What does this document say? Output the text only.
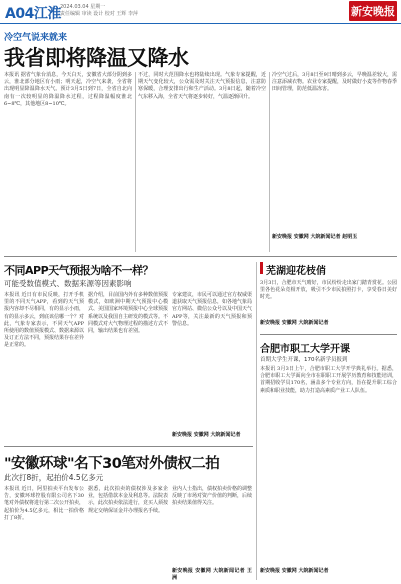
A04江淮 2024.03.04 星期一
责任编辑 审读 设计 校对 王辉 李萍	新安晚报
冷空气说来就来
我省即将降温又降水
本报讯 据省气象台消息，今天白天，安徽省大部分阴到多云，淮北部分地区有小雨；明天起，冷空气来袭，全省将出现明显降温降水天气。预计3月5日到7日，全省自北向南有一次较明显的降温降水过程，过程降温幅度淮北6~8℃，其他地区8~10℃。
不过，同时大范围降水也将陆续出现。气象专家提醒，近期天气变化较大，公众需及时关注天气预报信息，注意防寒保暖，合理安排出行和生产活动。3月8日起，随着冷空气东移入海，全省天气将逐步转好，气温逐渐回升。
冷空气过后，3月8日至9日晴到多云，早晚温差较大，需注意添减衣物。农业专家提醒，及时做好小麦等作物春季田间管理，防范低温冻害。
新安晚报 安徽网 大皖新闻记者 赵明玉
不同APP天气预报为啥不一样？
可能受数值模式、数据来源等因素影响
本报讯 近日有市民反映，打开手机里的不同天气APP，看到的天气预报内容却不尽相同，有的显示小雨，有的显示多云，到底该信哪一个？对此，气象专家表示，不同天气APP所使用的数值预报模式、数据来源以及订正方法不同，预报结果存在差异是正常的。
据介绍，目前国内外有多种数值预报模式，如欧洲中期天气预报中心模式、美国国家环境预报中心全球预报系统以及我国自主研发的模式等。不同模式对大气物理过程的描述方式不同，输出结果也有差别。
专家建议，市民可以通过官方权威渠道获取天气预报信息，如各地气象局官方网站、微信公众号以及中国天气APP等，关注最新的天气预报和预警信息。
新安晚报 安徽网 大皖新闻记者
芜湖迎花枝俏
3月3日，合肥市天气晴好，市民纷纷走出家门踏青赏花。公园里各色花朵竞相开放，吸引不少市民拍照打卡，享受春日美好时光。
新安晚报 安徽网 大皖新闻记者
合肥市职工大学开课
首期大学生开课，170名新学员报到
本报讯 3月3日上午，合肥市职工大学开学典礼举行。据悉，合肥市职工大学面向全市在职职工开展学历教育和技能培训，首期招收学员170名，涵盖多个专业方向，旨在提升职工综合素质和职业技能，助力打造高素质产业工人队伍。
新安晚报 安徽网 大皖新闻记者
"安徽环球"名下30笔对外债权二拍
此次打8折，起拍价4.5亿多元
本报讯 近日，阿里拍卖平台发布公告，安徽环球控股有限公司名下30笔对外债权将进行第二次公开拍卖，起拍价为4.5亿多元，相比一拍价格打了8折。
据悉，此次拍卖的债权涉及多家企业，包括借款本金及利息等。法院表示，此次拍卖依法进行，竞买人须按规定交纳保证金并办理报名手续。
业内人士指出，债权拍卖价格的调整反映了市场对资产价值的判断，后续拍卖结果值得关注。
新安晚报 安徽网 大皖新闻记者 王洲
